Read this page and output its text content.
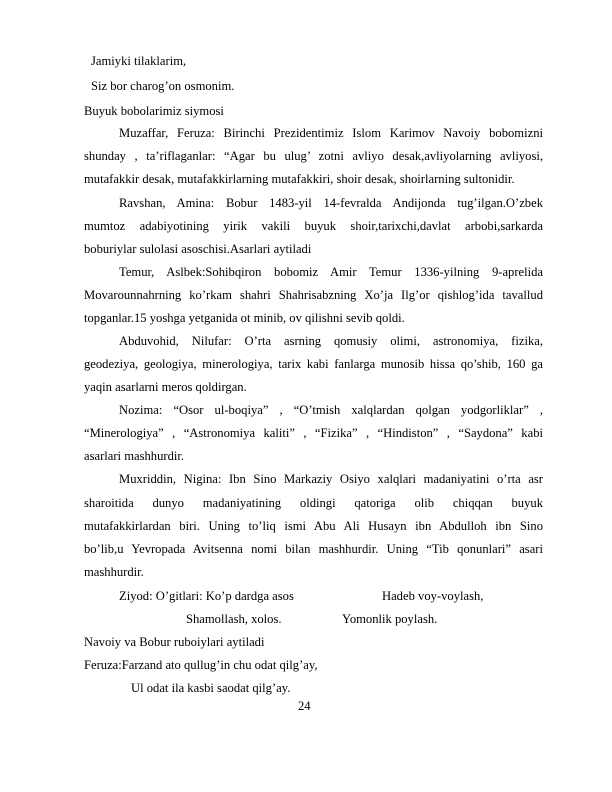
Jamiyki tilaklarim,
Siz bor charog’on osmonim.
Buyuk bobolarimiz siymosi
Muzaffar, Feruza: Birinchi Prezidentimiz Islom Karimov Navoiy bobomizni
shunday , ta’riflaganlar: “Agar bu ulug’ zotni avliyo desak,avliyolarning avliyosi,
mutafakkir desak, mutafakkirlarning mutafakkiri, shoir desak, shoirlarning sultonidir.
Ravshan, Amina: Bobur 1483-yil 14-fevralda Andijonda tug’ilgan.O’zbek
mumtoz adabiyotining yirik vakili buyuk shoir,tarixchi,davlat arbobi,sarkarda
boburiylar sulolasi asoschisi.Asarlari aytiladi
Temur, Aslbek:Sohibqiron bobomiz Amir Temur 1336-yilning 9-aprelida
Movarounnahrning ko’rkam shahri Shahrisabzning Xo’ja Ilg’or qishlog’ida tavallud
topganlar.15 yoshga yetganida ot minib, ov qilishni sevib qoldi.
Abduvohid, Nilufar: O’rta asrning qomusiy olimi, astronomiya, fizika,
geodeziya, geologiya, minerologiya, tarix kabi fanlarga munosib hissa qo’shib, 160 ga
yaqin asarlarni meros qoldirgan.
Nozima: “Osor ul-boqiya” , “O’tmish xalqlardan qolgan yodgorliklar” ,
“Minerologiya” , “Astronomiya kaliti” , “Fizika” , “Hindiston” , “Saydona” kabi
asarlari mashhurdir.
Muxriddin, Nigina: Ibn Sino Markaziy Osiyo xalqlari madaniyatini o’rta asr
sharoitida dunyo madaniyatining oldingi qatoriga olib chiqqan buyuk
mutafakkirlardan biri. Uning to’liq ismi Abu Ali Husayn ibn Abdulloh ibn Sino
bo’lib,u Yevropada Avitsenna nomi bilan mashhurdir. Uning “Tib qonunlari” asari
mashhurdir.
Ziyod: O’gitlari: Ko’p dardga asos	Hadeb voy-voylash,
Shamollash, xolos.	Yomonlik poylash.
Navoiy va Bobur ruboiylari aytiladi
Feruza:Farzand ato qullug’in chu odat qilg’ay,
Ul odat ila kasbi saodat qilg’ay.
24
